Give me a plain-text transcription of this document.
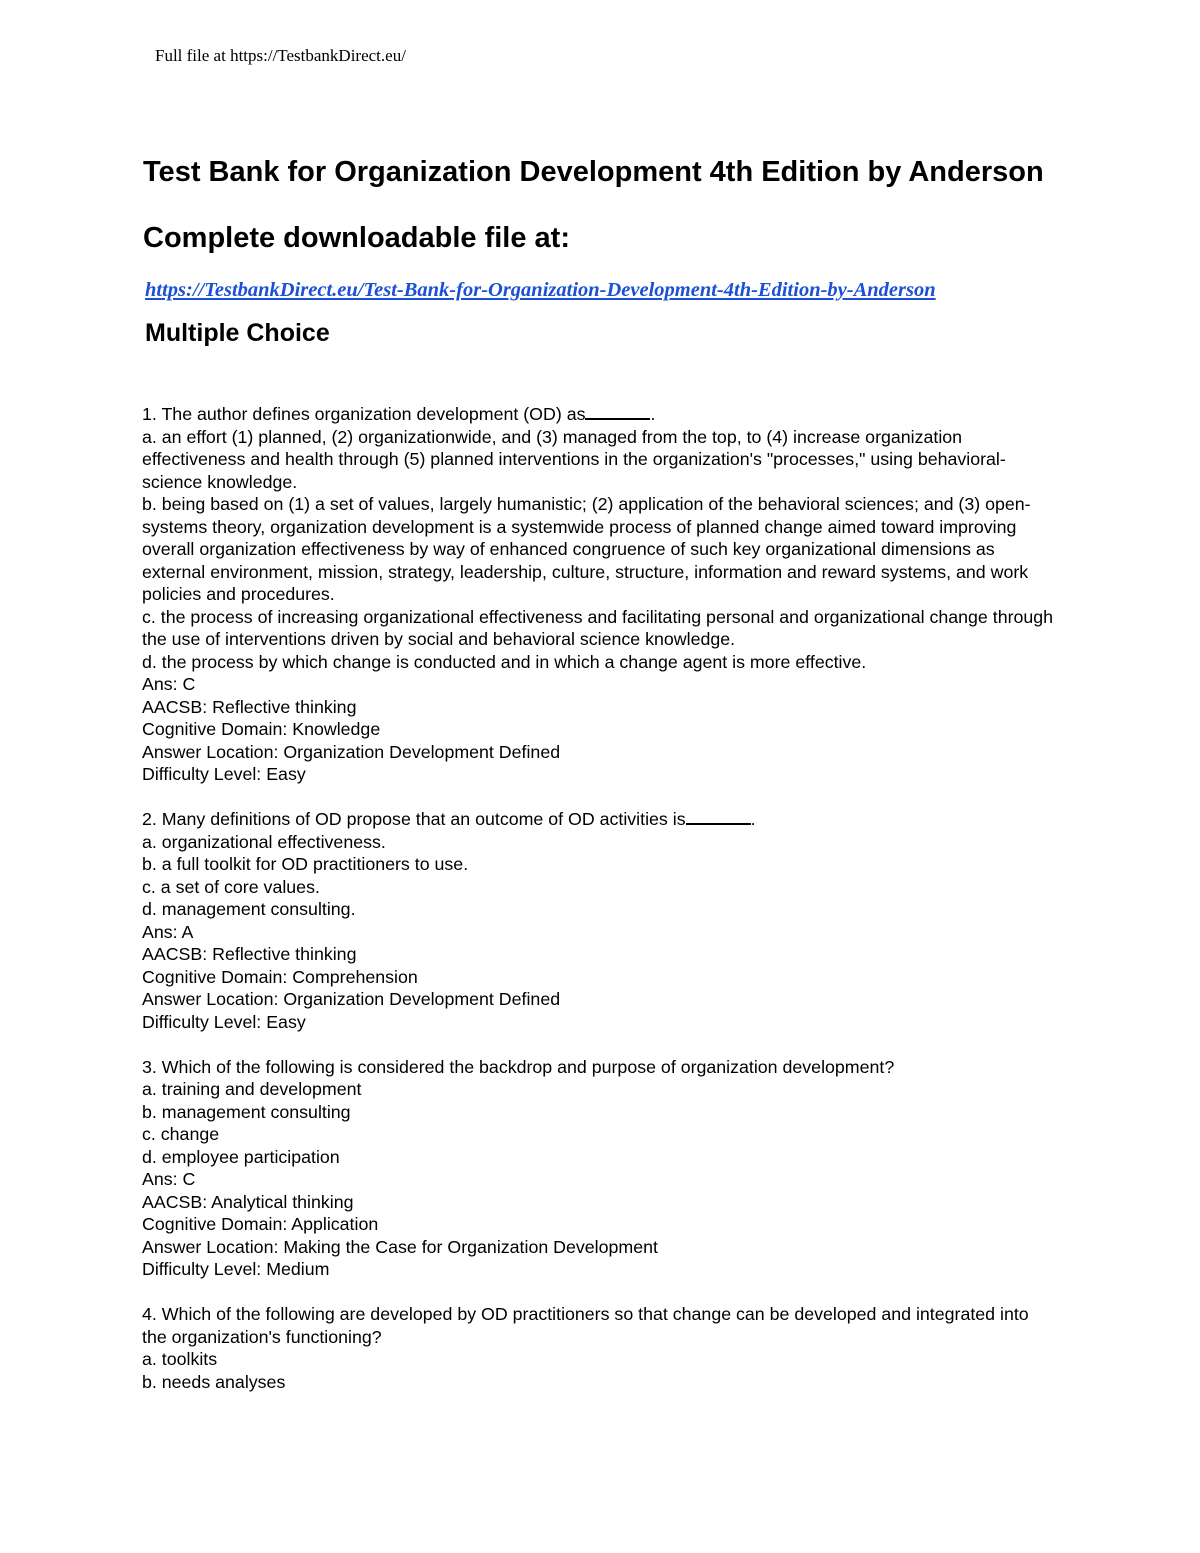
Full file at https://TestbankDirect.eu/
Test Bank for Organization Development 4th Edition by Anderson
Complete downloadable file at:
https://TestbankDirect.eu/Test-Bank-for-Organization-Development-4th-Edition-by-Anderson
Multiple Choice
1. The author defines organization development (OD) as	.
a. an effort (1) planned, (2) organizationwide, and (3) managed from the top, to (4) increase organization effectiveness and health through (5) planned interventions in the organization's "processes," using behavioral-science knowledge.
b. being based on (1) a set of values, largely humanistic; (2) application of the behavioral sciences; and (3) open-systems theory, organization development is a systemwide process of planned change aimed toward improving overall organization effectiveness by way of enhanced congruence of such key organizational dimensions as external environment, mission, strategy, leadership, culture, structure, information and reward systems, and work policies and procedures.
c. the process of increasing organizational effectiveness and facilitating personal and organizational change through the use of interventions driven by social and behavioral science knowledge.
d. the process by which change is conducted and in which a change agent is more effective.
Ans: C
AACSB: Reflective thinking
Cognitive Domain: Knowledge
Answer Location: Organization Development Defined
Difficulty Level: Easy
2. Many definitions of OD propose that an outcome of OD activities is	.
a. organizational effectiveness.
b. a full toolkit for OD practitioners to use.
c. a set of core values.
d. management consulting.
Ans: A
AACSB: Reflective thinking
Cognitive Domain: Comprehension
Answer Location: Organization Development Defined
Difficulty Level: Easy
3. Which of the following is considered the backdrop and purpose of organization development?
a. training and development
b. management consulting
c. change
d. employee participation
Ans: C
AACSB: Analytical thinking
Cognitive Domain: Application
Answer Location: Making the Case for Organization Development
Difficulty Level: Medium
4. Which of the following are developed by OD practitioners so that change can be developed and integrated into the organization's functioning?
a. toolkits
b. needs analyses
